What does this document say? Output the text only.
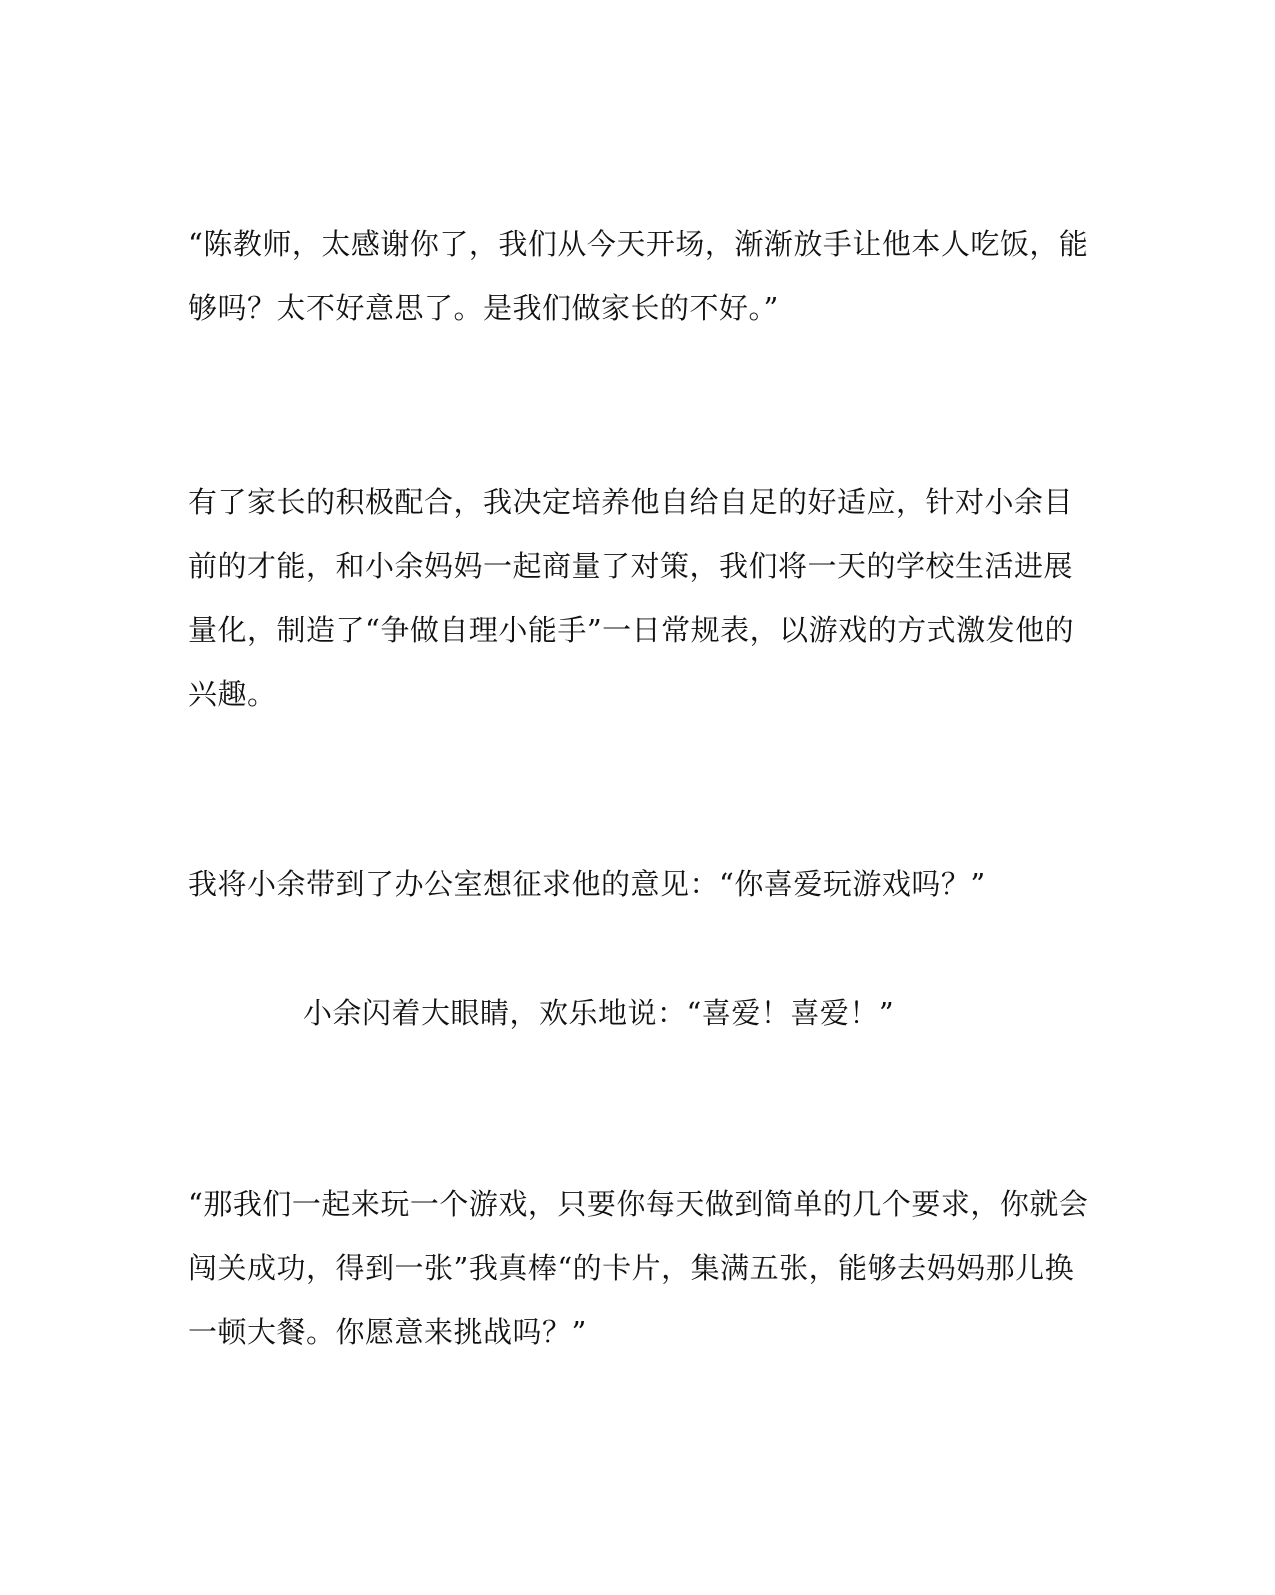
“陈教师，太感谢你了，我们从今天开场，渐渐放手让他本人吃饭，能
够吗？太不好意思了。是我们做家长的不好。”

有了家长的积极配合，我决定培养他自给自足的好适应，针对小余目
前的才能，和小余妈妈一起商量了对策，我们将一天的学校生活进展
量化，制造了“争做自理小能手”一日常规表，以游戏的方式激发他的
兴趣。

我将小余带到了办公室想征求他的意见：“你喜爱玩游戏吗？”

小余闪着大眼睛，欢乐地说：“喜爱！喜爱！”

“那我们一起来玩一个游戏，只要你每天做到简单的几个要求，你就会
闯关成功，得到一张”我真棒“的卡片，集满五张，能够去妈妈那儿换
一顿大餐。你愿意来挑战吗？”
